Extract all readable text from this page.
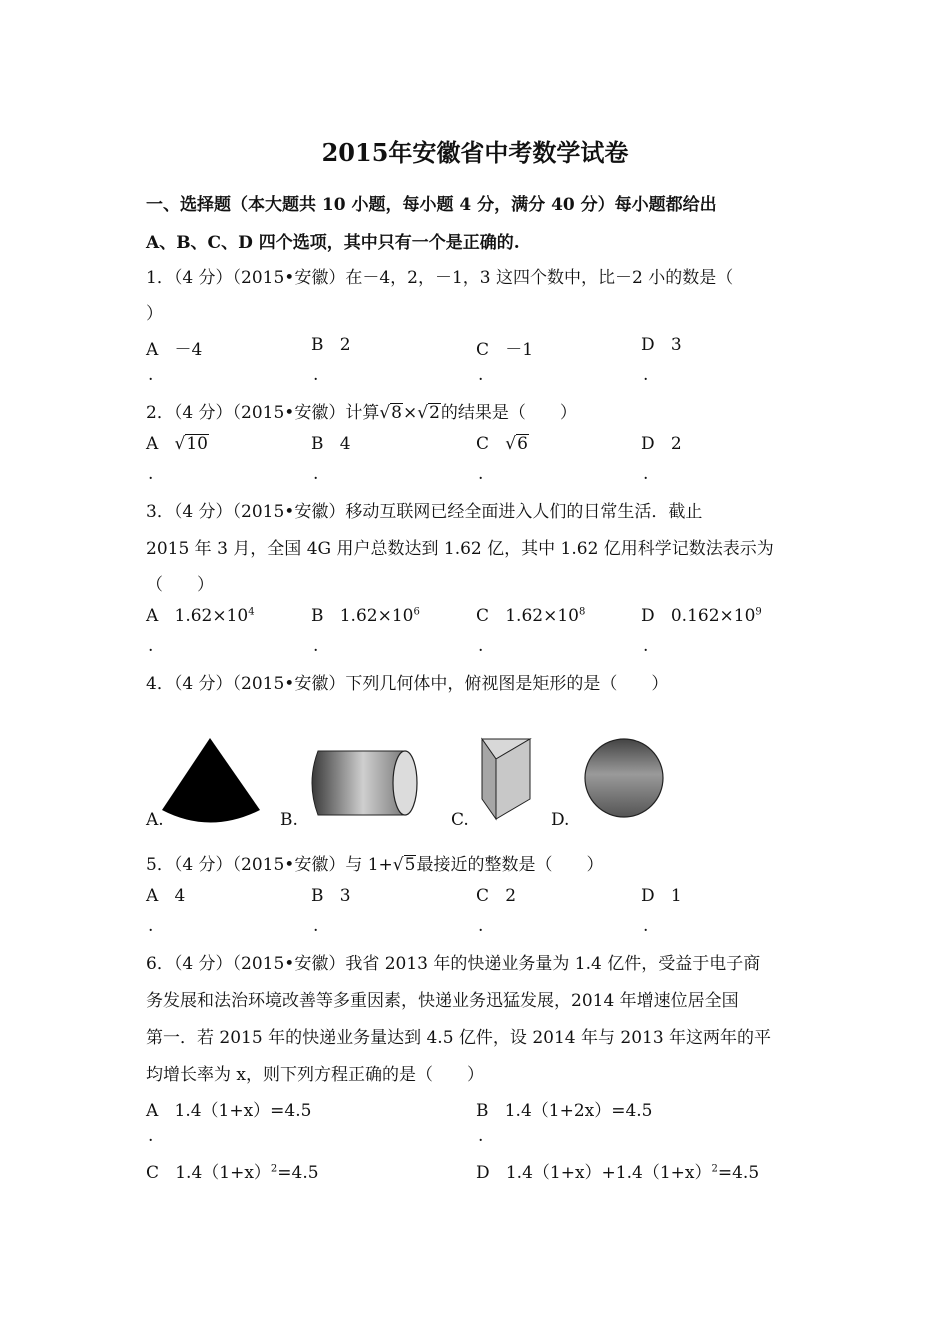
2015年安徽省中考数学试卷
一、选择题（本大题共 10 小题，每小题 4 分，满分 40 分）每小题都给出
A、B、C、D 四个选项，其中只有一个是正确的.
1．（4 分）（2015•安徽）在－4，2，－1，3 这四个数中，比－2 小的数是（
）
A －4	B 2	C －1	D 3
.	.	.	.
2．（4 分）（2015•安徽）计算√8×√2的结果是（　　）
A √10	B 4	C √6	D 2
.	.	.	.
3．（4 分）（2015•安徽）移动互联网已经全面进入人们的日常生活．截止
2015 年 3 月，全国 4G 用户总数达到 1.62 亿，其中 1.62 亿用科学记数法表示为
（　　）
A $1.62\times 10^4$	B $1.62\times 10^6$	C $1.62\times 10^8$	D $0.162\times 10^9$
.	.	.	.
4．（4 分）（2015•安徽）下列几何体中，俯视图是矩形的是（　　）
A.	B.	C.	D.
5．（4 分）（2015•安徽）与 1+√5最接近的整数是（　　）
A 4	B 3	C 2	D 1
.	.	.	.
6．（4 分）（2015•安徽）我省 2013 年的快递业务量为 1.4 亿件，受益于电子商
务发展和法治环境改善等多重因素，快递业务迅猛发展，2014 年增速位居全国
第一．若 2015 年的快递业务量达到 4.5 亿件，设 2014 年与 2013 年这两年的平
均增长率为 x，则下列方程正确的是（　　）
A 1.4（1+x）=4.5	B 1.4（1+2x）=4.5
.	.
C $1.4(1+x)^2=4.5$	D $1.4(1+x)+1.4(1+x)^2=4.5$
